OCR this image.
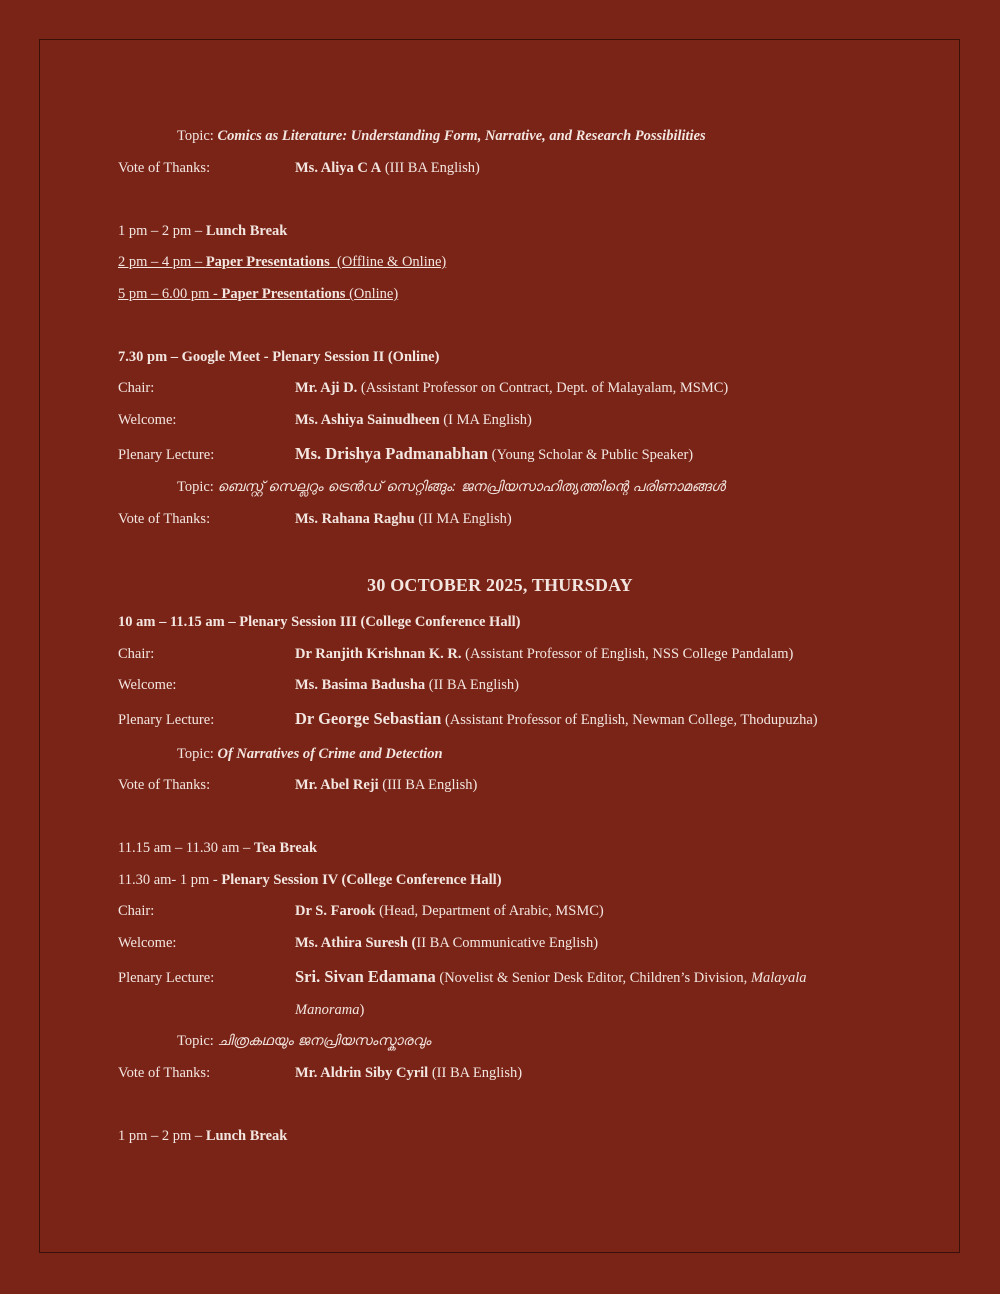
Topic: Comics as Literature: Understanding Form, Narrative, and Research Possibilities
Vote of Thanks:	Ms. Aliya C A (III BA English)
1 pm – 2 pm – Lunch Break
2 pm – 4 pm – Paper Presentations  (Offline & Online)
5 pm – 6.00 pm - Paper Presentations (Online)
7.30 pm – Google Meet - Plenary Session II (Online)
Chair:	Mr. Aji D. (Assistant Professor on Contract, Dept. of Malayalam, MSMC)
Welcome:	Ms. Ashiya Sainudheen (I MA English)
Plenary Lecture:	Ms. Drishya Padmanabhan (Young Scholar & Public Speaker)
Topic: ബെസ്റ്റ് സെല്ലറും ട്രെൻഡ് സെറ്റിങ്ങും: ജനപ്രിയസാഹിത്യത്തിന്റെ പരിണാമങ്ങൾ
Vote of Thanks:	Ms. Rahana Raghu (II MA English)
30 OCTOBER 2025, THURSDAY
10 am – 11.15 am – Plenary Session III (College Conference Hall)
Chair:	Dr Ranjith Krishnan K. R. (Assistant Professor of English, NSS College Pandalam)
Welcome:	Ms. Basima Badusha (II BA English)
Plenary Lecture:	Dr George Sebastian (Assistant Professor of English, Newman College, Thodupuzha)
Topic: Of Narratives of Crime and Detection
Vote of Thanks:	Mr. Abel Reji (III BA English)
11.15 am – 11.30 am – Tea Break
11.30 am- 1 pm - Plenary Session IV (College Conference Hall)
Chair:	Dr S. Farook (Head, Department of Arabic, MSMC)
Welcome:	Ms. Athira Suresh (II BA Communicative English)
Plenary Lecture:	Sri. Sivan Edamana (Novelist & Senior Desk Editor, Children’s Division, Malayala
Manorama)
Topic: ചിത്രകഥയും ജനപ്രിയസംസ്കാരവും
Vote of Thanks:	Mr. Aldrin Siby Cyril (II BA English)
1 pm – 2 pm – Lunch Break
